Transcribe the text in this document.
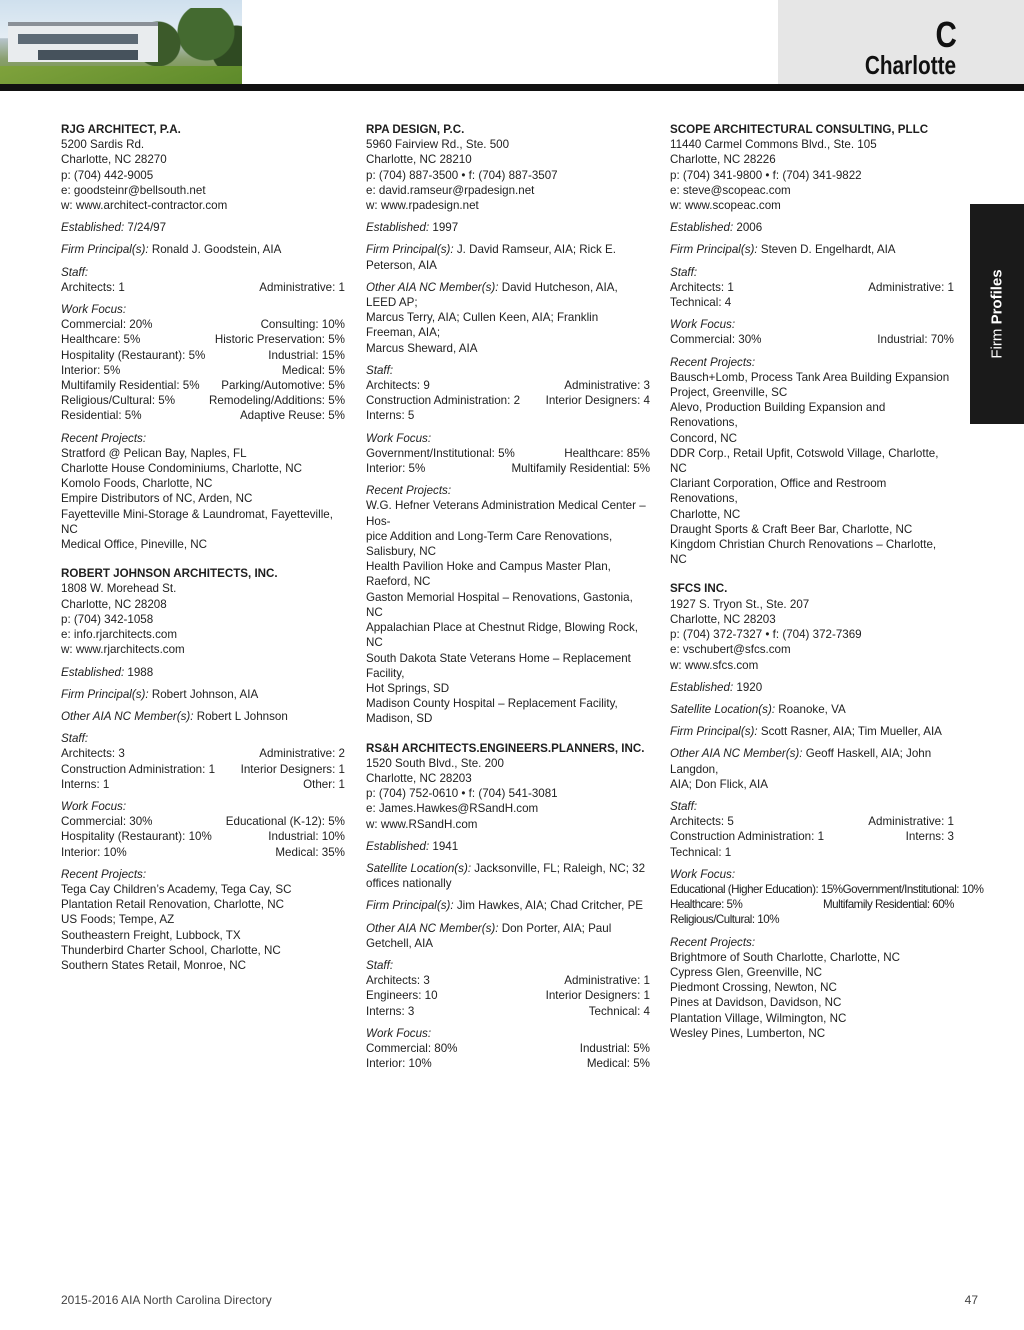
C
Charlotte
Firm Profiles
RJG ARCHITECT, P.A.
5200 Sardis Rd.
Charlotte, NC 28270
p: (704) 442-9005
e: goodsteinr@bellsouth.net
w: www.architect-contractor.com
Established: 7/24/97
Firm Principal(s): Ronald J. Goodstein, AIA
Staff:
Architects: 1	Administrative: 1
Work Focus:
Commercial: 20%	Consulting: 10%
Healthcare: 5%	Historic Preservation: 5%
Hospitality (Restaurant): 5%	Industrial: 15%
Interior: 5%	Medical: 5%
Multifamily Residential: 5% Parking/Automotive: 5%
Religious/Cultural: 5%	Remodeling/Additions: 5%
Residential: 5%	Adaptive Reuse: 5%
Recent Projects:
Stratford @ Pelican Bay, Naples, FL
Charlotte House Condominiums, Charlotte, NC
Komolo Foods, Charlotte, NC
Empire Distributors of NC, Arden, NC
Fayetteville Mini-Storage & Laundromat, Fayetteville, NC
Medical Office, Pineville, NC
ROBERT JOHNSON ARCHITECTS, INC.
1808 W. Morehead St.
Charlotte, NC 28208
p: (704) 342-1058
e: info.rjarchitects.com
w: www.rjarchitects.com
Established: 1988
Firm Principal(s): Robert Johnson, AIA
Other AIA NC Member(s): Robert L Johnson
Staff:
Architects: 3	Administrative: 2
Construction Administration: 1 Interior Designers: 1
Interns: 1	Other: 1
Work Focus:
Commercial: 30%	Educational (K-12): 5%
Hospitality (Restaurant): 10%	Industrial: 10%
Interior: 10%	Medical: 35%
Recent Projects:
Tega Cay Children’s Academy, Tega Cay, SC
Plantation Retail Renovation, Charlotte, NC
US Foods; Tempe, AZ
Southeastern Freight, Lubbock, TX
Thunderbird Charter School, Charlotte, NC
Southern States Retail, Monroe, NC
RPA DESIGN, P.C.
5960 Fairview Rd., Ste. 500
Charlotte, NC 28210
p: (704) 887-3500 • f: (704) 887-3507
e: david.ramseur@rpadesign.net
w: www.rpadesign.net
Established: 1997
Firm Principal(s): J. David Ramseur, AIA; Rick E. Peterson, AIA
Other AIA NC Member(s): David Hutcheson, AIA, LEED AP;
Marcus Terry, AIA; Cullen Keen, AIA; Franklin Freeman, AIA;
Marcus Sheward, AIA
Staff:
Architects: 9	Administrative: 3
Construction Administration: 2 Interior Designers: 4
Interns: 5
Work Focus:
Government/Institutional: 5%	Healthcare: 85%
Interior: 5%	Multifamily Residential: 5%
Recent Projects:
W.G. Hefner Veterans Administration Medical Center – Hos-
pice Addition and Long-Term Care Renovations, Salisbury, NC
Health Pavilion Hoke and Campus Master Plan, Raeford, NC
Gaston Memorial Hospital – Renovations, Gastonia, NC
Appalachian Place at Chestnut Ridge, Blowing Rock, NC
South Dakota State Veterans Home – Replacement Facility,
Hot Springs, SD
Madison County Hospital – Replacement Facility, Madison, SD
RS&H ARCHITECTS.ENGINEERS.PLANNERS, INC.
1520 South Blvd., Ste. 200
Charlotte, NC 28203
p: (704) 752-0610 • f: (704) 541-3081
e: James.Hawkes@RSandH.com
w: www.RSandH.com
Established: 1941
Satellite Location(s): Jacksonville, FL; Raleigh, NC; 32
offices nationally
Firm Principal(s): Jim Hawkes, AIA; Chad Critcher, PE
Other AIA NC Member(s): Don Porter, AIA; Paul Getchell, AIA
Staff:
Architects: 3	Administrative: 1
Engineers: 10	Interior Designers: 1
Interns: 3	Technical: 4
Work Focus:
Commercial: 80%	Industrial: 5%
Interior: 10%	Medical: 5%
SCOPE ARCHITECTURAL CONSULTING, PLLC
11440 Carmel Commons Blvd., Ste. 105
Charlotte, NC 28226
p: (704) 341-9800 • f: (704) 341-9822
e: steve@scopeac.com
w: www.scopeac.com
Established: 2006
Firm Principal(s): Steven D. Engelhardt, AIA
Staff:
Architects: 1	Administrative: 1
Technical: 4
Work Focus:
Commercial: 30%	Industrial: 70%
Recent Projects:
Bausch+Lomb, Process Tank Area Building Expansion
Project, Greenville, SC
Alevo, Production Building Expansion and Renovations,
Concord, NC
DDR Corp., Retail Upfit, Cotswold Village, Charlotte, NC
Clariant Corporation, Office and Restroom Renovations,
Charlotte, NC
Draught Sports & Craft Beer Bar, Charlotte, NC
Kingdom Christian Church Renovations – Charlotte, NC
SFCS INC.
1927 S. Tryon St., Ste. 207
Charlotte, NC 28203
p: (704) 372-7327 • f: (704) 372-7369
e: vschubert@sfcs.com
w: www.sfcs.com
Established: 1920
Satellite Location(s): Roanoke, VA
Firm Principal(s): Scott Rasner, AIA; Tim Mueller, AIA
Other AIA NC Member(s): Geoff Haskell, AIA; John Langdon,
AIA; Don Flick, AIA
Staff:
Architects: 5	Administrative: 1
Construction Administration: 1	Interns: 3
Technical: 1
Work Focus:
Educational (Higher Education): 15% Government/Institutional: 10%
Healthcare: 5%	Multifamily Residential: 60%
Religious/Cultural: 10%
Recent Projects:
Brightmore of South Charlotte, Charlotte, NC
Cypress Glen, Greenville, NC
Piedmont Crossing, Newton, NC
Pines at Davidson, Davidson, NC
Plantation Village, Wilmington, NC
Wesley Pines, Lumberton, NC
2015-2016 AIA North Carolina Directory	47
